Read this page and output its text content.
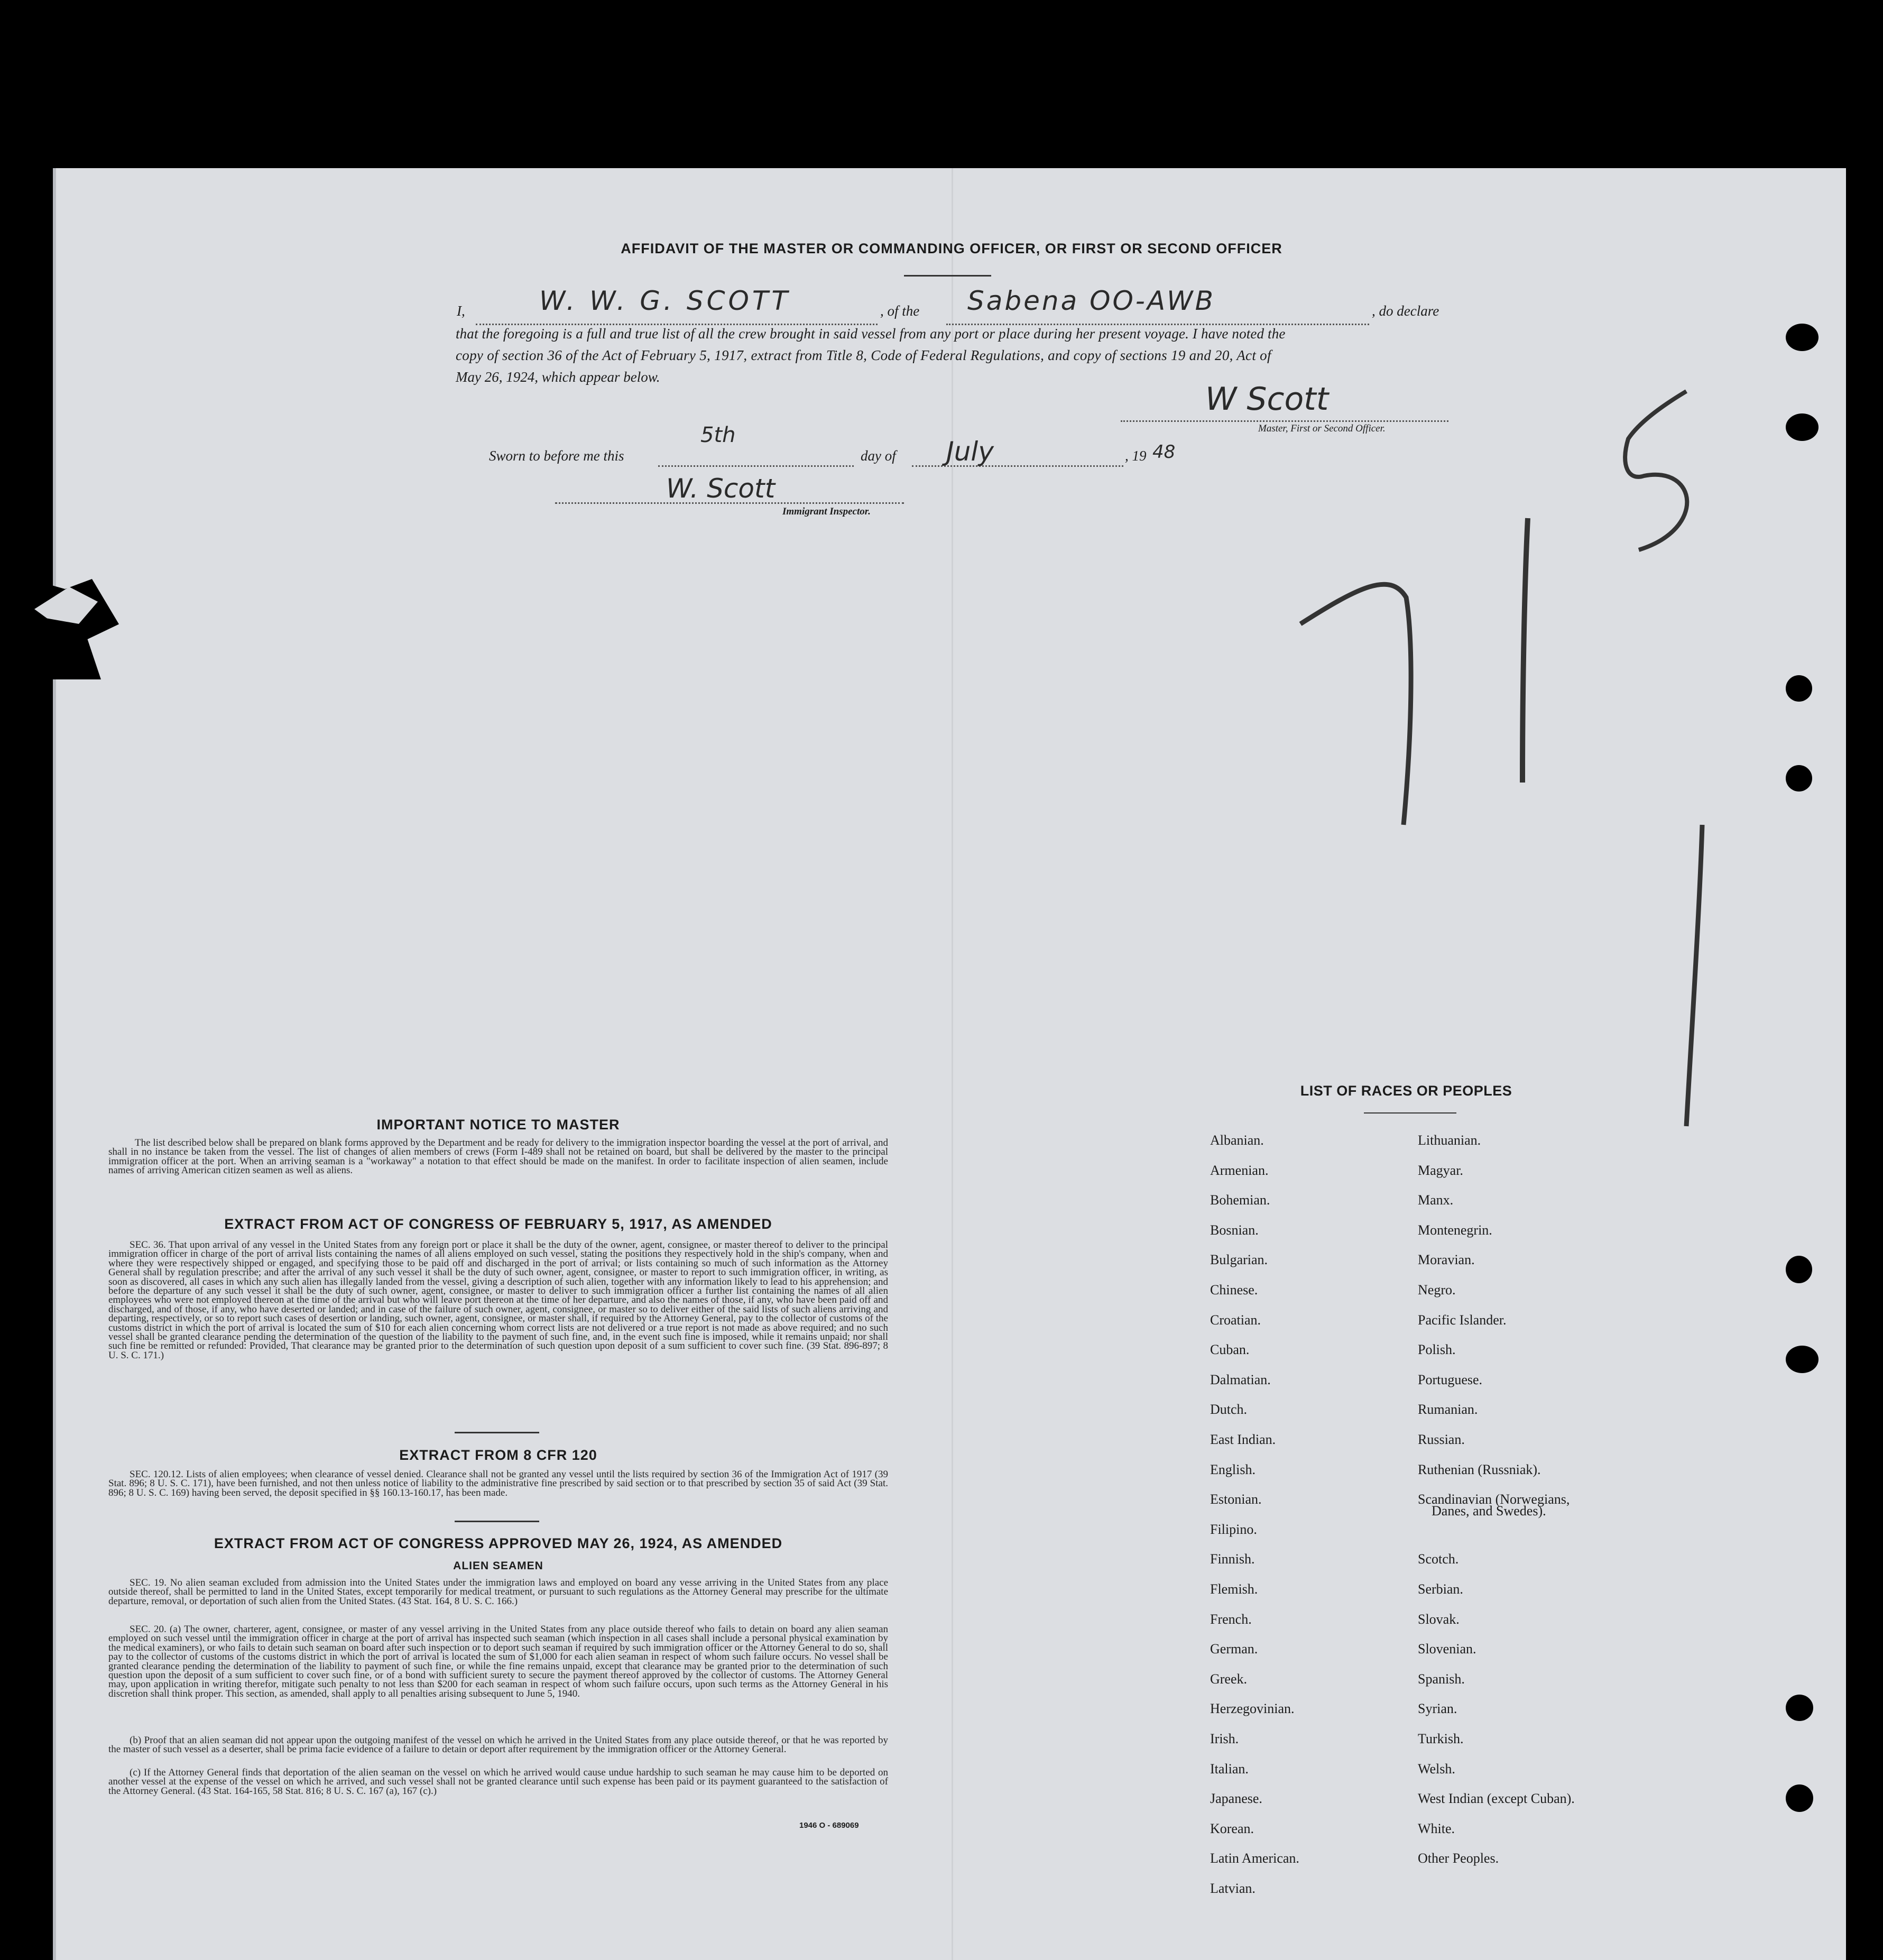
AFFIDAVIT OF THE MASTER OR COMMANDING OFFICER, OR FIRST OR SECOND OFFICER
I,	W. W. G. SCOTT	, of the Sabena OO-AWB	, do declare
that the foregoing is a full and true list of all the crew brought in said vessel from any port or place during her present voyage. I have noted the
copy of section 36 of the Act of February 5, 1917, extract from Title 8, Code of Federal Regulations, and copy of sections 19 and 20, Act of
May 26, 1924, which appear below.
W Scott
Master, First or Second Officer.
Sworn to before me this
5th
day of July	, 19 48
W. Scott
Immigrant Inspector.
IMPORTANT NOTICE TO MASTER
The list described below shall be prepared on blank forms approved by the Department and be ready for delivery to the immigration inspector boarding the vessel at the port of arrival, and shall in no instance be taken from the vessel. The list of changes of alien members of crews (Form I-489 shall not be retained on board, but shall be delivered by the master to the principal immigration officer at the port. When an arriving seaman is a "workaway" a notation to that effect should be made on the manifest. In order to facilitate inspection of alien seamen, include names of arriving American citizen seamen as well as aliens.
EXTRACT FROM ACT OF CONGRESS OF FEBRUARY 5, 1917, AS AMENDED
SEC. 36. That upon arrival of any vessel in the United States from any foreign port or place it shall be the duty of the owner, agent, consignee, or master thereof to deliver to the principal immigration officer in charge of the port of arrival lists containing the names of all aliens employed on such vessel, stating the positions they respectively hold in the ship's company, when and where they were respectively shipped or engaged, and specifying those to be paid off and discharged in the port of arrival; or lists containing so much of such information as the Attorney General shall by regulation prescribe; and after the arrival of any such vessel it shall be the duty of such owner, agent, consignee, or master to report to such immigration officer, in writing, as soon as discovered, all cases in which any such alien has illegally landed from the vessel, giving a description of such alien, together with any information likely to lead to his apprehension; and before the departure of any such vessel it shall be the duty of such owner, agent, consignee, or master to deliver to such immigration officer a further list containing the names of all alien employees who were not employed thereon at the time of the arrival but who will leave port thereon at the time of her departure, and also the names of those, if any, who have been paid off and discharged, and of those, if any, who have deserted or landed; and in case of the failure of such owner, agent, consignee, or master so to deliver either of the said lists of such aliens arriving and departing, respectively, or so to report such cases of desertion or landing, such owner, agent, consignee, or master shall, if required by the Attorney General, pay to the collector of customs of the customs district in which the port of arrival is located the sum of $10 for each alien concerning whom correct lists are not delivered or a true report is not made as above required; and no such vessel shall be granted clearance pending the determination of the question of the liability to the payment of such fine, and, in the event such fine is imposed, while it remains unpaid; nor shall such fine be remitted or refunded: Provided, That clearance may be granted prior to the determination of such question upon deposit of a sum sufficient to cover such fine. (39 Stat. 896-897; 8 U. S. C. 171.)
EXTRACT FROM 8 CFR 120
SEC. 120.12. Lists of alien employees; when clearance of vessel denied. Clearance shall not be granted any vessel until the lists required by section 36 of the Immigration Act of 1917 (39 Stat. 896; 8 U. S. C. 171), have been furnished, and not then unless notice of liability to the administrative fine prescribed by said section or to that prescribed by section 35 of said Act (39 Stat. 896; 8 U. S. C. 169) having been served, the deposit specified in §§ 160.13-160.17, has been made.
EXTRACT FROM ACT OF CONGRESS APPROVED MAY 26, 1924, AS AMENDED
ALIEN SEAMEN
SEC. 19. No alien seaman excluded from admission into the United States under the immigration laws and employed on board any vesse arriving in the United States from any place outside thereof, shall be permitted to land in the United States, except temporarily for medical treatment, or pursuant to such regulations as the Attorney General may prescribe for the ultimate departure, removal, or deportation of such alien from the United States. (43 Stat. 164, 8 U. S. C. 166.)
SEC. 20. (a) The owner, charterer, agent, consignee, or master of any vessel arriving in the United States from any place outside thereof who fails to detain on board any alien seaman employed on such vessel until the immigration officer in charge at the port of arrival has inspected such seaman (which inspection in all cases shall include a personal physical examination by the medical examiners), or who fails to detain such seaman on board after such inspection or to deport such seaman if required by such immigration officer or the Attorney General to do so, shall pay to the collector of customs of the customs district in which the port of arrival is located the sum of $1,000 for each alien seaman in respect of whom such failure occurs. No vessel shall be granted clearance pending the determination of the liability to payment of such fine, or while the fine remains unpaid, except that clearance may be granted prior to the determination of such question upon the deposit of a sum sufficient to cover such fine, or of a bond with sufficient surety to secure the payment thereof approved by the collector of customs. The Attorney General may, upon application in writing therefor, mitigate such penalty to not less than $200 for each seaman in respect of whom such failure occurs, upon such terms as the Attorney General in his discretion shall think proper. This section, as amended, shall apply to all penalties arising subsequent to June 5, 1940.
(b) Proof that an alien seaman did not appear upon the outgoing manifest of the vessel on which he arrived in the United States from any place outside thereof, or that he was reported by the master of such vessel as a deserter, shall be prima facie evidence of a failure to detain or deport after requirement by the immigration officer or the Attorney General.
(c) If the Attorney General finds that deportation of the alien seaman on the vessel on which he arrived would cause undue hardship to such seaman he may cause him to be deported on another vessel at the expense of the vessel on which he arrived, and such vessel shall not be granted clearance until such expense has been paid or its payment guaranteed to the satisfaction of the Attorney General. (43 Stat. 164-165, 58 Stat. 816; 8 U. S. C. 167 (a), 167 (c).)
1946 O - 689069
LIST OF RACES OR PEOPLES
Albanian.
Armenian.
Bohemian.
Bosnian.
Bulgarian.
Chinese.
Croatian.
Cuban.
Dalmatian.
Dutch.
East Indian.
English.
Estonian.
Filipino.
Finnish.
Flemish.
French.
German.
Greek.
Herzegovinian.
Irish.
Italian.
Japanese.
Korean.
Latin American.
Latvian.
Lithuanian.
Magyar.
Manx.
Montenegrin.
Moravian.
Negro.
Pacific Islander.
Polish.
Portuguese.
Rumanian.
Russian.
Ruthenian (Russniak).
Scandinavian (Norwegians,
Scotch.
Serbian.
Slovak.
Slovenian.
Spanish.
Syrian.
Turkish.
Welsh.
West Indian (except Cuban).
White.
Other Peoples.
Danes, and Swedes).
